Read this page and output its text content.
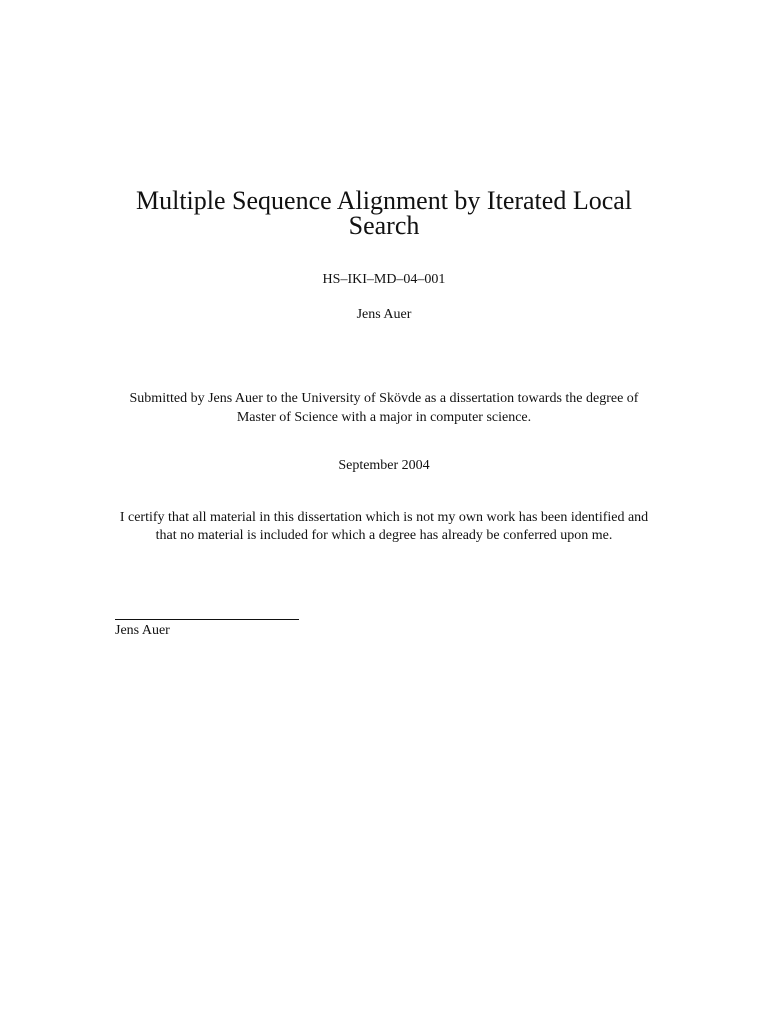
Multiple Sequence Alignment by Iterated Local Search
HS–IKI–MD–04–001
Jens Auer
Submitted by Jens Auer to the University of Skövde as a dissertation towards the degree of Master of Science with a major in computer science.
September 2004
I certify that all material in this dissertation which is not my own work has been identified and that no material is included for which a degree has already be conferred upon me.
Jens Auer
